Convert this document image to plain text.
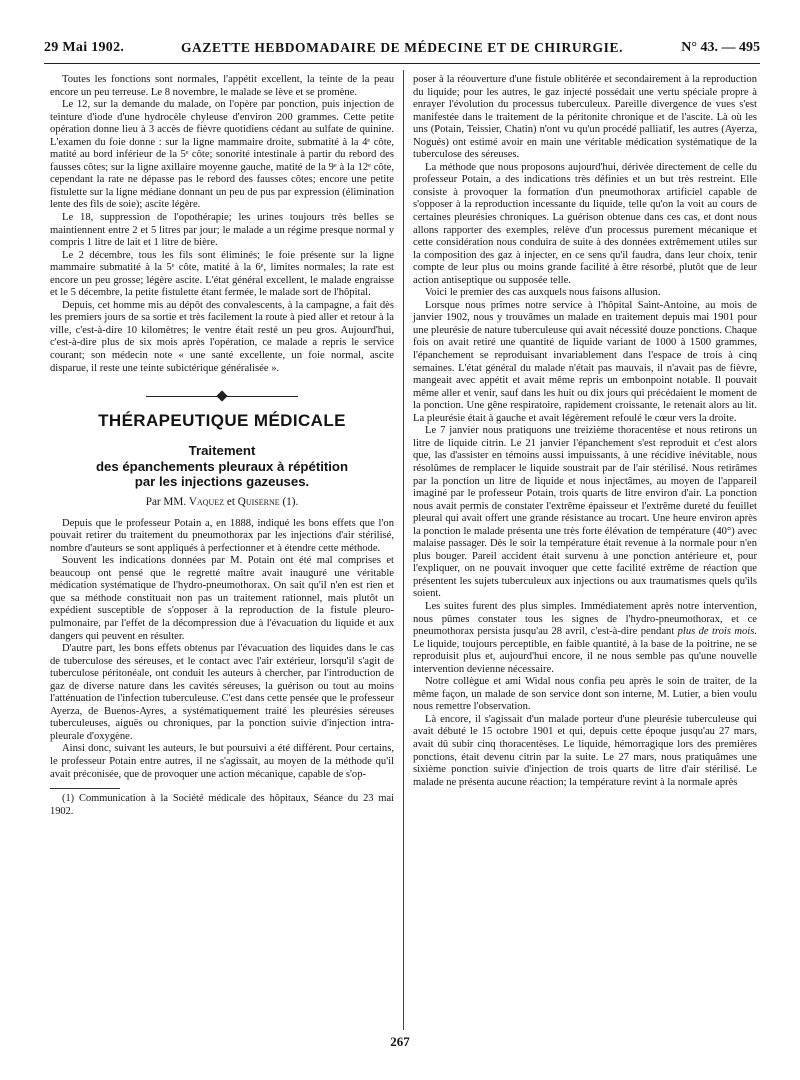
29 Mai 1902.	GAZETTE HEBDOMADAIRE DE MÉDECINE ET DE CHIRURGIE.	N° 43. — 495

Toutes les fonctions sont normales, l'appétit excellent, la teinte de la peau encore un peu terreuse. Le 8 novembre, le malade se lève et se promène.

Le 12, sur la demande du malade, on l'opère par ponction, puis injection de teinture d'iode d'une hydrocèle chyleuse d'environ 200 grammes. Cette petite opération donne lieu à 3 accès de fièvre quotidiens cédant au sulfate de quinine. L'examen du foie donne : sur la ligne mammaire droite, submatité à la 4ᵉ côte, matité au bord inférieur de la 5ᵉ côte; sonorité intestinale à partir du rebord des fausses côtes; sur la ligne axillaire moyenne gauche, matité de la 9ᵉ à la 12ᵉ côte, cependant la rate ne dépasse pas le rebord des fausses côtes; encore une petite fistulette sur la ligne médiane donnant un peu de pus par expression (élimination lente des fils de soie); ascite légère.

Le 18, suppression de l'opothérapie; les urines toujours très belles se maintiennent entre 2 et 5 litres par jour; le malade a un régime presque normal y compris 1 litre de lait et 1 litre de bière.

Le 2 décembre, tous les fils sont éliminés; le foie présente sur la ligne mammaire submatité à la 5ᵉ côte, matité à la 6ᵉ, limites normales; la rate est encore un peu grosse; légère ascite. L'état général excellent, le malade engraisse et le 5 décembre, la petite fistulette étant fermée, le malade sort de l'hôpital.

Depuis, cet homme mis au dépôt des convalescents, à la campagne, a fait dès les premiers jours de sa sortie et très facilement la route à pied aller et retour à la ville, c'est-à-dire 10 kilomètres; le ventre était resté un peu gros. Aujourd'hui, c'est-à-dire plus de six mois après l'opération, ce malade a repris le service courant; son médecin note « une santé excellente, un foie normal, ascite disparue, il reste une teinte subictérique généralisée ».

THÉRAPEUTIQUE MÉDICALE
Traitement
des épanchements pleuraux à répétition
par les injections gazeuses.
Par MM. Vaquez et Quiserne (1).

Depuis que le professeur Potain a, en 1888, indiqué les bons effets que l'on pouvait retirer du traitement du pneumothorax par les injections d'air stérilisé, nombre d'auteurs se sont appliqués à perfectionner et à étendre cette méthode.

Souvent les indications données par M. Potain ont été mal comprises et beaucoup ont pensé que le regretté maître avait inauguré une véritable médication systématique de l'hydro-pneumothorax. On sait qu'il n'en est rien et que sa méthode constituait non pas un traitement rationnel, mais plutôt un expédient susceptible de s'opposer à la reproduction de la fistule pleuro-pulmonaire, par l'effet de la décompression due à l'évacuation du liquide et aux dangers qui peuvent en résulter.

D'autre part, les bons effets obtenus par l'évacuation des liquides dans le cas de tuberculose des séreuses, et le contact avec l'air extérieur, lorsqu'il s'agit de tuberculose péritonéale, ont conduit les auteurs à chercher, par l'introduction de gaz de diverse nature dans les cavités séreuses, la guérison ou tout au moins l'atténuation de l'infection tuberculeuse. C'est dans cette pensée que le professeur Ayerza, de Buenos-Ayres, a systématiquement traité les pleurésies séreuses tuberculeuses, aiguës ou chroniques, par la ponction suivie d'injection intra-pleurale d'oxygène.

Ainsi donc, suivant les auteurs, le but poursuivi a été différent. Pour certains, le professeur Potain entre autres, il ne s'agissait, au moyen de la méthode qu'il avait préconisée, que de provoquer une action mécanique, capable de s'op-

(1) Communication à la Société médicale des hôpitaux, Séance du 23 mai 1902.

poser à la réouverture d'une fistule oblitérée et secondairement à la reproduction du liquide; pour les autres, le gaz injecté possédait une vertu spéciale propre à enrayer l'évolution du processus tuberculeux. Pareille divergence de vues s'est manifestée dans le traitement de la péritonite chronique et de l'ascite. Là où les uns (Potain, Teissier, Chatin) n'ont vu qu'un procédé palliatif, les autres (Ayerza, Nogués) ont estimé avoir en main une véritable médication systématique de la tuberculose des séreuses.

La méthode que nous proposons aujourd'hui, dérivée directement de celle du professeur Potain, a des indications très définies et un but très restreint. Elle consiste à provoquer la formation d'un pneumothorax artificiel capable de s'opposer à la reproduction incessante du liquide, telle qu'on la voit au cours de certaines pleurésies chroniques. La guérison obtenue dans ces cas, et dont nous allons rapporter des exemples, relève d'un processus purement mécanique et cette considération nous conduira de suite à des données extrêmement utiles sur la composition des gaz à injecter, en ce sens qu'il faudra, dans leur choix, tenir compte de leur plus ou moins grande facilité à être résorbé, plutôt que de leur action antiseptique ou supposée telle.

Voici le premier des cas auxquels nous faisons allusion.

Lorsque nous prîmes notre service à l'hôpital Saint-Antoine, au mois de janvier 1902, nous y trouvâmes un malade en traitement depuis mai 1901 pour une pleurésie de nature tuberculeuse qui avait nécessité douze ponctions. Chaque fois on avait retiré une quantité de liquide variant de 1000 à 1500 grammes, l'épanchement se reproduisant invariablement dans l'espace de trois à cinq semaines. L'état général du malade n'était pas mauvais, il n'avait pas de fièvre, mangeait avec appétit et avait même repris un embonpoint notable. Il pouvait même aller et venir, sauf dans les huit ou dix jours qui précédaient le moment de la ponction. Une gêne respiratoire, rapidement croissante, le retenait alors au lit. La pleurésie était à gauche et avait légèrement refoulé le cœur vers la droite.

Le 7 janvier nous pratiquons une treizième thoracentèse et nous retirons un litre de liquide citrin. Le 21 janvier l'épanchement s'est reproduit et c'est alors que, las d'assister en témoins aussi impuissants, à une récidive inévitable, nous résolûmes de remplacer le liquide soustrait par de l'air stérilisé. Nous retirâmes par la ponction un litre de liquide et nous injectâmes, au moyen de l'appareil imaginé par le professeur Potain, trois quarts de litre environ d'air. La ponction nous avait permis de constater l'extrême épaisseur et l'extrême dureté du feuillet pleural qui avait offert une grande résistance au trocart. Une heure environ après la ponction le malade présenta une très forte élévation de température (40°) avec malaise passager. Dès le soir la température était revenue à la normale pour n'en plus bouger. Pareil accident était survenu à une ponction antérieure et, pour l'expliquer, on ne pouvait invoquer que cette facilité extrême de réaction que présentent les sujets tuberculeux aux injections ou aux traumatismes quels qu'ils soient.

Les suites furent des plus simples. Immédiatement après notre intervention, nous pûmes constater tous les signes de l'hydro-pneumothorax, et ce pneumothorax persista jusqu'au 28 avril, c'est-à-dire pendant plus de trois mois. Le liquide, toujours perceptible, en faible quantité, à la base de la poitrine, ne se reproduisit plus et, aujourd'hui encore, il ne nous semble pas qu'une nouvelle intervention devienne nécessaire.

Notre collègue et ami Widal nous confia peu après le soin de traiter, de la même façon, un malade de son service dont son interne, M. Lutier, a bien voulu nous remettre l'observation.

Là encore, il s'agissait d'un malade porteur d'une pleurésie tuberculeuse qui avait débuté le 15 octobre 1901 et qui, depuis cette époque jusqu'au 27 mars, avait dû subir cinq thoracentèses. Le liquide, hémorragique lors des premières ponctions, était devenu citrin par la suite. Le 27 mars, nous pratiquâmes une sixième ponction suivie d'injection de trois quarts de litre d'air stérilisé. Le malade ne présenta aucune réaction; la température revint à la normale après

267
